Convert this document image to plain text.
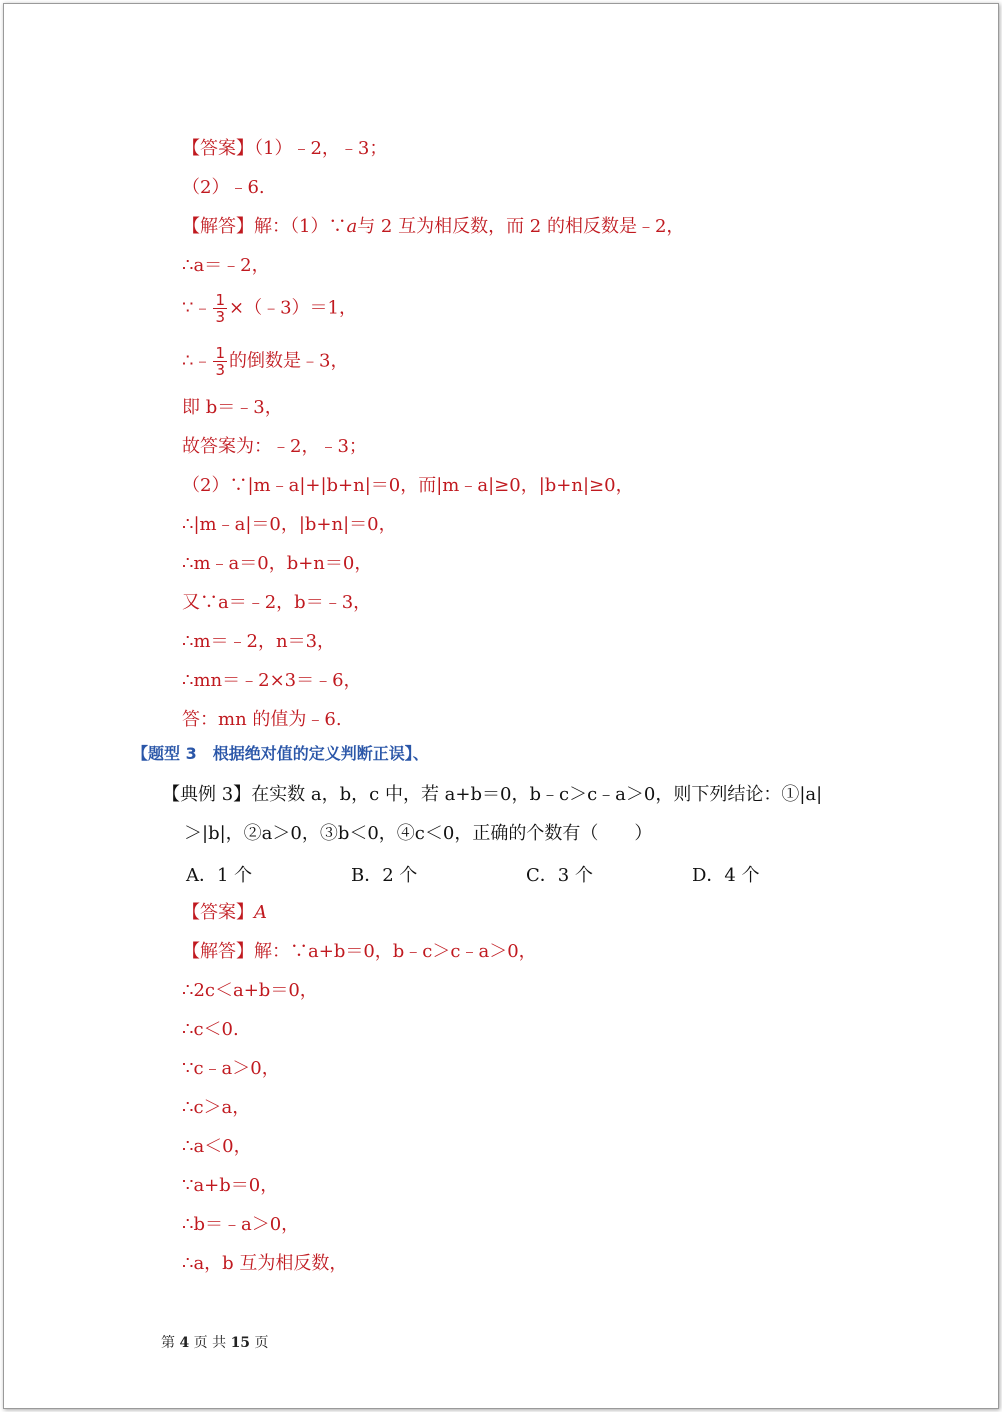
【答案】（1）﹣2，﹣3；
（2）﹣6.
【解答】解：（1）∵a与 2 互为相反数，而 2 的相反数是﹣2，
∴a＝﹣2，
∵﹣ $\frac{1}{3}$ ×（﹣3）＝1，
∴﹣ $\frac{1}{3}$ 的倒数是﹣3，
即 b＝﹣3，
故答案为：﹣2，﹣3；
（2）∵|m﹣a|+|b+n|＝0，而|m﹣a|≥0，|b+n|≥0，
∴|m﹣a|＝0，|b+n|＝0，
∴m﹣a＝0，b+n＝0，
又∵a＝﹣2，b＝﹣3，
∴m＝﹣2，n＝3，
∴mn＝﹣2×3＝﹣6，
答：mn 的值为﹣6.
【题型 3　根据绝对值的定义判断正误】、
【典例 3】在实数 a，b，c 中，若 a+b＝0，b﹣c＞c﹣a＞0，则下列结论：①|a|
＞|b|，②a＞0，③b＜0，④c＜0，正确的个数有（　　）
A．1 个	B．2 个	C．3 个	D．4 个
【答案】A
【解答】解：∵a+b＝0，b﹣c＞c﹣a＞0，
∴2c＜a+b＝0，
∴c＜0.
∵c﹣a＞0，
∴c＞a，
∴a＜0，
∵a+b＝0，
∴b＝﹣a＞0，
∴a，b 互为相反数，
第 4 页 共 15 页
